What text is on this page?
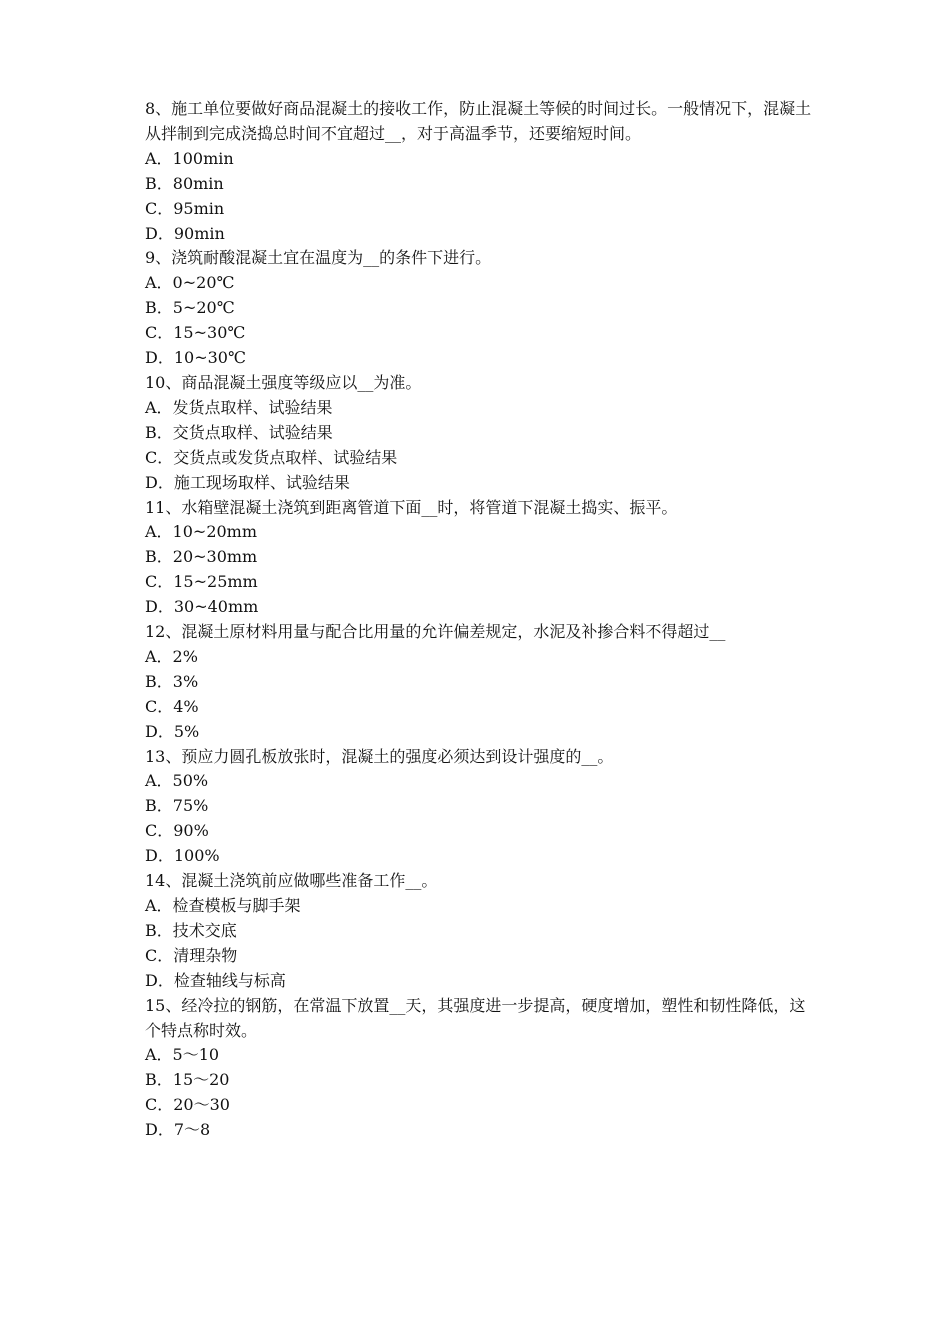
8、施工单位要做好商品混凝土的接收工作，防止混凝土等候的时间过长。一般情况下，混凝土从拌制到完成浇捣总时间不宜超过__，对于高温季节，还要缩短时间。

A．100min

B．80min

C．95min

D．90min

9、浇筑耐酸混凝土宜在温度为__的条件下进行。

A．0~20℃

B．5~20℃

C．15~30℃

D．10~30℃

10、商品混凝土强度等级应以__为准。

A．发货点取样、试验结果

B．交货点取样、试验结果

C．交货点或发货点取样、试验结果

D．施工现场取样、试验结果

11、水箱壁混凝土浇筑到距离管道下面__时，将管道下混凝土捣实、振平。

A．10~20mm

B．20~30mm

C．15~25mm

D．30~40mm

12、混凝土原材料用量与配合比用量的允许偏差规定，水泥及补掺合料不得超过__

A．2%

B．3%

C．4%

D．5%

13、预应力圆孔板放张时，混凝土的强度必须达到设计强度的__。

A．50%

B．75%

C．90%

D．100%

14、混凝土浇筑前应做哪些准备工作__。

A．检查模板与脚手架

B．技术交底

C．清理杂物

D．检查轴线与标高

15、经冷拉的钢筋，在常温下放置__天，其强度进一步提高，硬度增加，塑性和韧性降低，这个特点称时效。

A．5～10

B．15～20

C．20～30

D．7～8
